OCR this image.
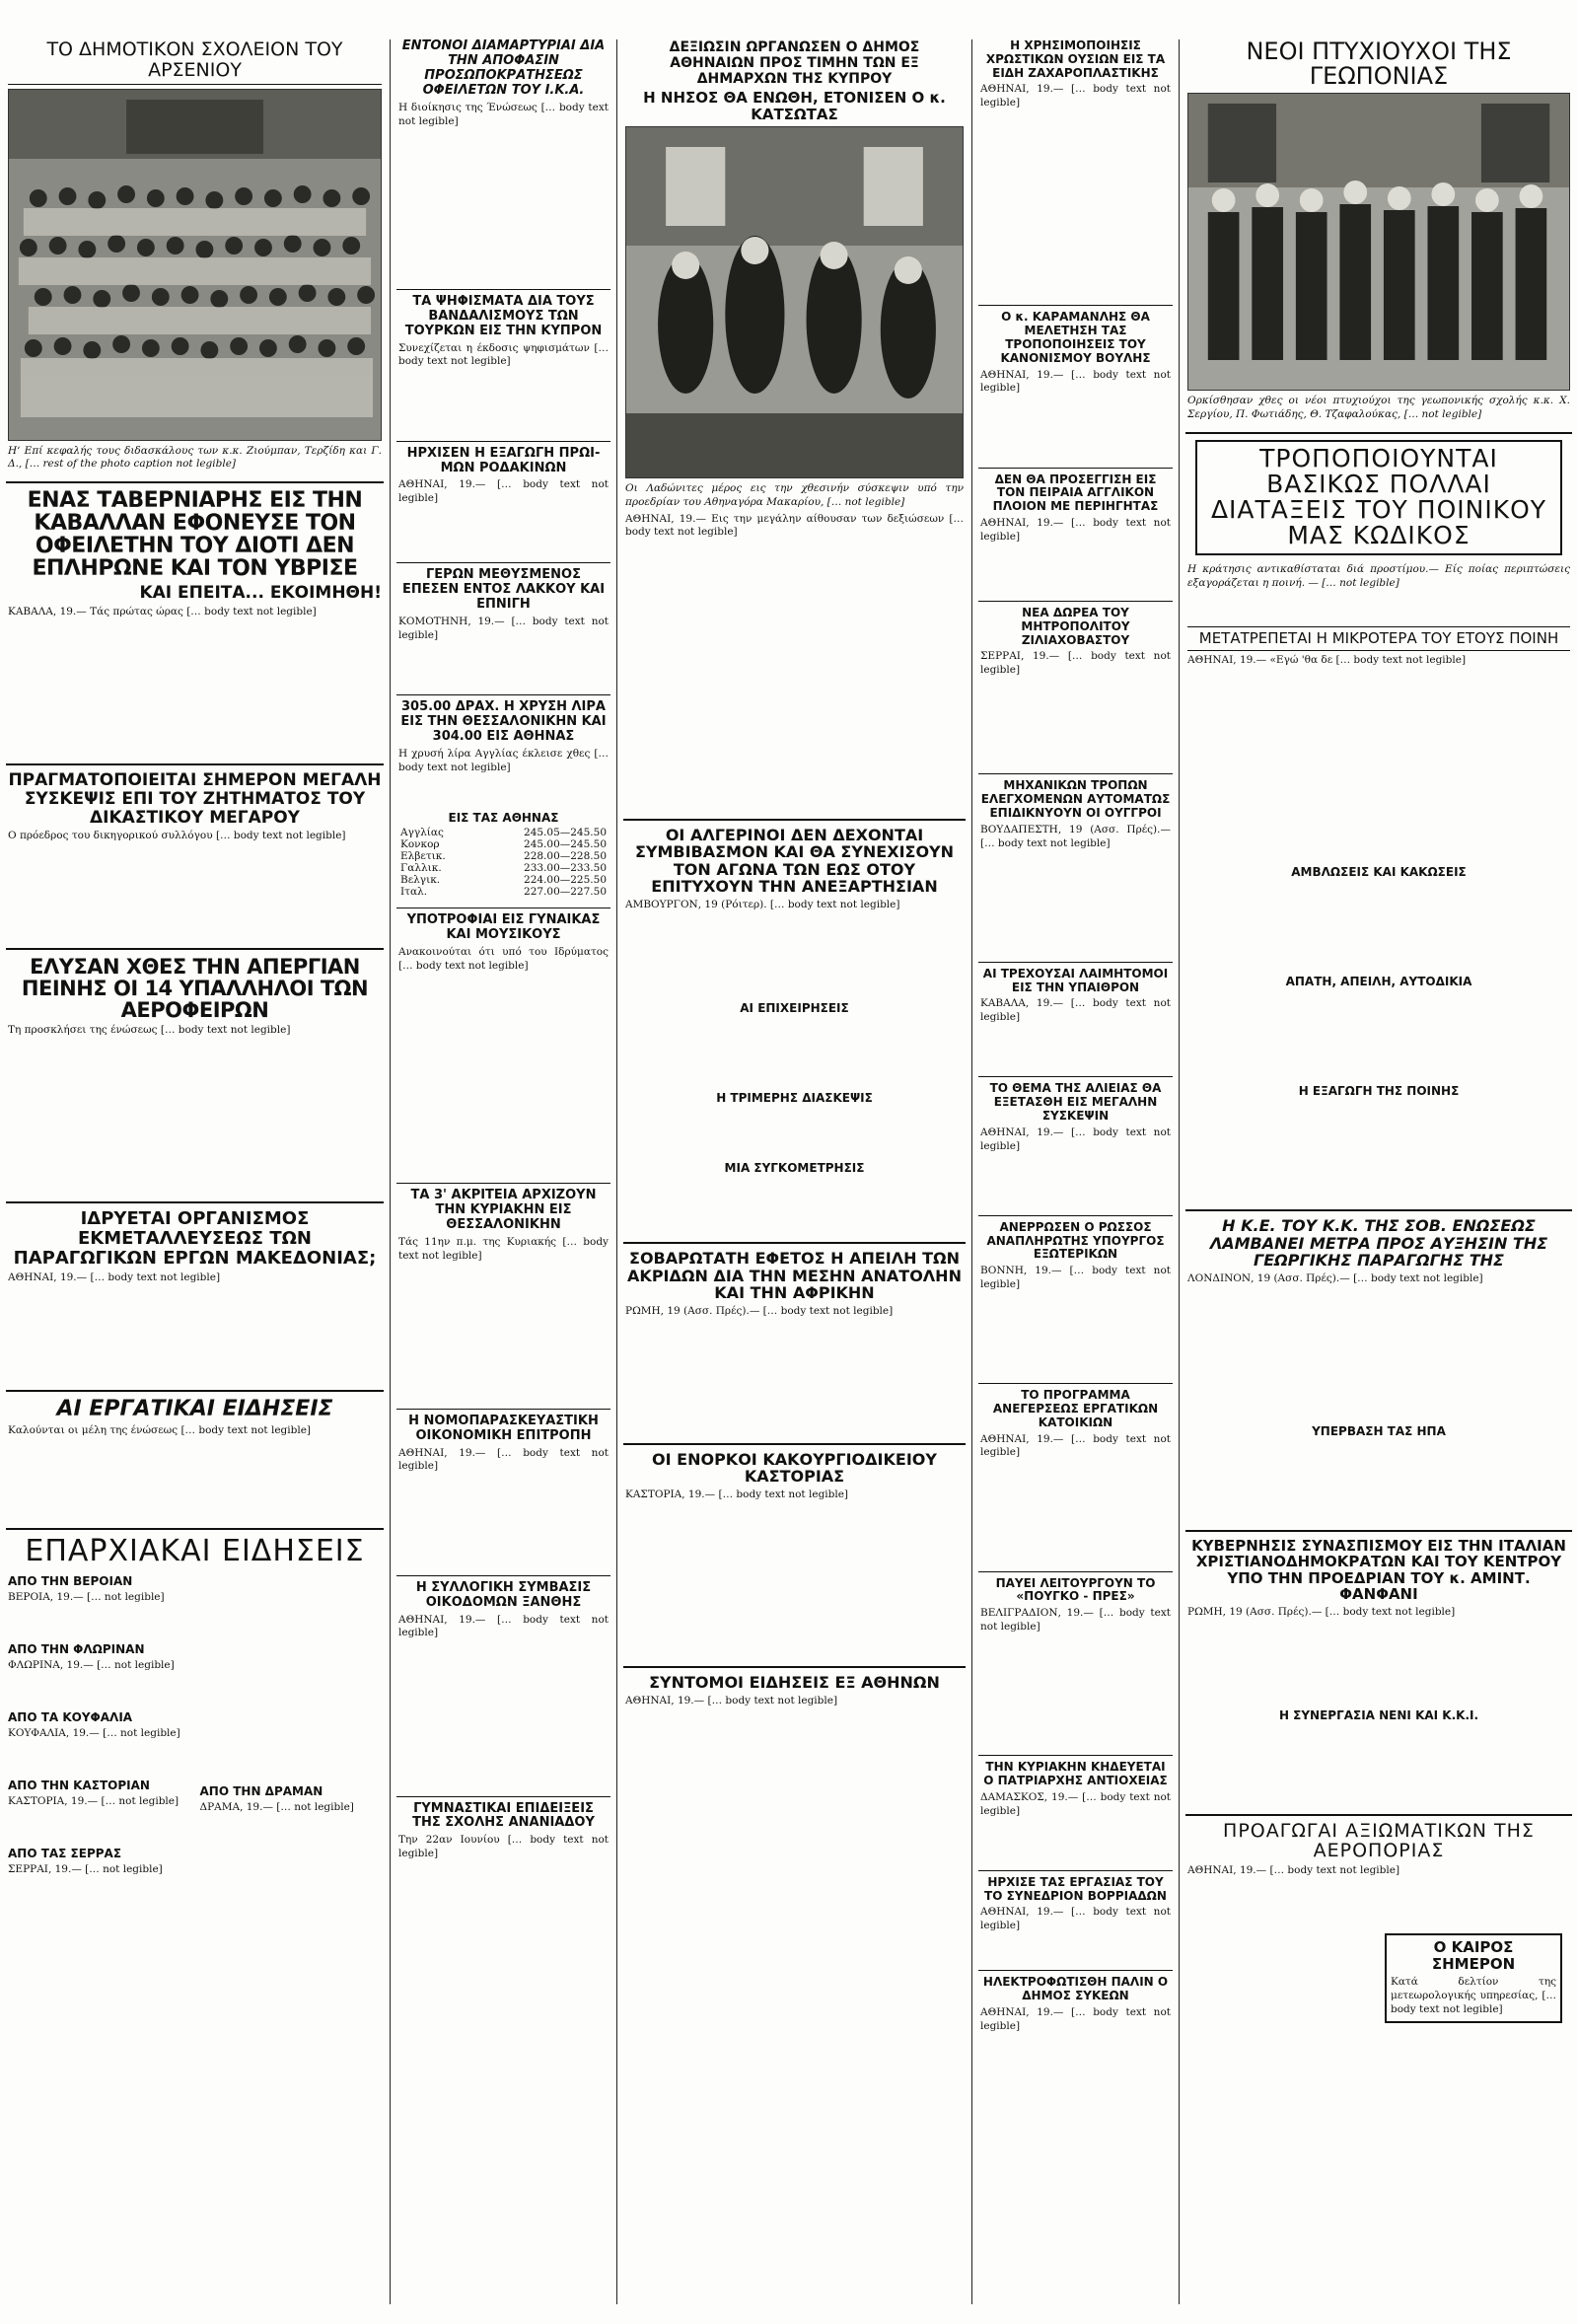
ΤΟ ΔΗΜΟΤΙΚΟΝ ΣΧΟΛΕΙΟΝ ΤΟΥ ΑΡΣΕΝΙΟΥ
Η‘ Επί κεφαλής τους διδασκάλους των κ.κ. Ζιούμπαν, Τερζίδη και Γ. Δ., [… rest of the photo caption not legible]
ΕΝΑΣ ΤΑΒΕΡΝΙΑΡΗΣ ΕΙΣ ΤΗΝ ΚΑΒΑΛΛΑΝ ΕΦΟΝΕΥΣΕ ΤΟΝ ΟΦΕΙΛΕΤΗΝ ΤΟΥ ΔΙΟΤΙ ΔΕΝ ΕΠΛΗΡΩΝΕ ΚΑΙ ΤΟΝ ΥΒΡΙΣΕ
ΚΑΙ ΕΠΕΙΤΑ... ΕΚΟΙΜΗΘΗ!
ΚΑΒΑΛΑ, 19.— Τάς πρώτας ώρας [… body text not legible]
ΠΡΑΓΜΑΤΟΠΟΙΕΙΤΑΙ ΣΗΜΕΡΟΝ ΜΕΓΑΛΗ ΣΥΣΚΕΨΙΣ ΕΠΙ ΤΟΥ ΖΗΤΗΜΑΤΟΣ ΤΟΥ ΔΙΚΑΣΤΙΚΟΥ ΜΕΓΑΡΟΥ
Ο πρόεδρος του δικηγορικού συλλόγου [… body text not legible]
ΕΛΥΣΑΝ ΧΘΕΣ ΤΗΝ ΑΠΕΡΓΙΑΝ ΠΕΙΝΗΣ ΟΙ 14 ΥΠΑΛΛΗΛΟΙ ΤΩΝ ΑΕΡΟΦΕΙΡΩΝ
Τη προσκλήσει της ένώσεως [… body text not legible]
ΙΔΡΥΕΤΑΙ ΟΡΓΑΝΙΣΜΟΣ ΕΚΜΕΤΑΛΛΕΥΣΕΩΣ ΤΩΝ ΠΑΡΑΓΩΓΙΚΩΝ ΕΡΓΩΝ ΜΑΚΕΔΟΝΙΑΣ;
ΑΘΗΝΑΙ, 19.— [… body text not legible]
ΑΙ ΕΡΓΑΤΙΚΑΙ ΕΙΔΗΣΕΙΣ
Καλούνται οι μέλη της ένώσεως [… body text not legible]
ΕΠΑΡΧΙΑΚΑΙ ΕΙΔΗΣΕΙΣ
ΑΠΟ ΤΗΝ ΒΕΡΟΙΑΝ
ΒΕΡΟΙΑ, 19.— [… not legible]
ΑΠΟ ΤΗΝ ΦΛΩΡΙΝΑΝ
ΦΛΩΡΙΝΑ, 19.— [… not legible]
ΑΠΟ ΤΑ ΚΟΥΦΑΛΙΑ
ΚΟΥΦΑΛΙΑ, 19.— [… not legible]
ΑΠΟ ΤΗΝ ΚΑΣΤΟΡΙΑΝ
ΚΑΣΤΟΡΙΑ, 19.— [… not legible]
ΑΠΟ ΤΑΣ ΣΕΡΡΑΣ
ΣΕΡΡΑΙ, 19.— [… not legible]
ΑΠΟ ΤΗΝ ΔΡΑΜΑΝ
ΔΡΑΜΑ, 19.— [… not legible]
ΕΝΤΟΝΟΙ ΔΙΑΜΑΡΤΥΡΙΑΙ ΔΙΑ ΤΗΝ ΑΠΟΦΑΣΙΝ ΠΡΟΣΩΠΟΚΡΑΤΗΣΕΩΣ ΟΦΕΙΛΕΤΩΝ ΤΟΥ Ι.Κ.Α.
Η διοίκησις της Ένώσεως [… body text not legible]
ΤΑ ΨΗΦΙΣΜΑΤΑ ΔΙΑ ΤΟΥΣ ΒΑΝΔΑΛΙΣΜΟΥΣ ΤΩΝ ΤΟΥΡΚΩΝ ΕΙΣ ΤΗΝ ΚΥΠΡΟΝ
Συνεχίζεται η έκδοσις ψηφισμάτων [… body text not legible]
ΗΡΧΙΣΕΝ Η ΕΞΑΓΩΓΗ ΠΡΩΙ-ΜΩΝ ΡΟΔΑΚΙΝΩΝ
ΑΘΗΝΑΙ, 19.— [… body text not legible]
ΓΕΡΩΝ ΜΕΘΥΣΜΕΝΟΣ ΕΠΕΣΕΝ ΕΝΤΟΣ ΛΑΚΚΟΥ ΚΑΙ ΕΠΝΙΓΗ
ΚΟΜΟΤΗΝΗ, 19.— [… body text not legible]
305.00 ΔΡΑΧ. Η ΧΡΥΣΗ ΛΙΡΑ ΕΙΣ ΤΗΝ ΘΕΣΣΑΛΟΝΙΚΗΝ ΚΑΙ 304.00 ΕΙΣ ΑΘΗΝΑΣ
Η χρυσή λίρα Αγγλίας έκλεισε χθες [… body text not legible]
ΕΙΣ ΤΑΣ ΑΘΗΝΑΣ
Αγγλίας	245.05—245.50
Κονκορ	245.00—245.50
Ελβετικ.	228.00—228.50
Γαλλικ.	233.00—233.50
Βελγικ.	224.00—225.50
Ιταλ.	227.00—227.50
ΥΠΟΤΡΟΦΙΑΙ ΕΙΣ ΓΥΝΑΙΚΑΣ ΚΑΙ ΜΟΥΣΙΚΟΥΣ
Ανακοινούται ότι υπό του Ιδρύματος [… body text not legible]
ΤΑ 3' ΑΚΡΙΤΕΙΑ ΑΡΧΙΖΟΥΝ ΤΗΝ ΚΥΡΙΑΚΗΝ ΕΙΣ ΘΕΣΣΑΛΟΝΙΚΗΝ
Τάς 11ην π.μ. της Κυριακής [… body text not legible]
Η ΝΟΜΟΠΑΡΑΣΚΕΥΑΣΤΙΚΗ ΟΙΚΟΝΟΜΙΚΗ ΕΠΙΤΡΟΠΗ
ΑΘΗΝΑΙ, 19.— [… body text not legible]
Η ΣΥΛΛΟΓΙΚΗ ΣΥΜΒΑΣΙΣ ΟΙΚΟΔΟΜΩΝ ΞΑΝΘΗΣ
ΑΘΗΝΑΙ, 19.— [… body text not legible]
ΓΥΜΝΑΣΤΙΚΑΙ ΕΠΙΔΕΙΞΕΙΣ ΤΗΣ ΣΧΟΛΗΣ ΑΝΑΝΙΑΔΟΥ
Την 22αν Ιουνίου [… body text not legible]
ΔΕΞΙΩΣΙΝ ΩΡΓΑΝΩΣΕΝ Ο ΔΗΜΟΣ ΑΘΗΝΑΙΩΝ ΠΡΟΣ ΤΙΜΗΝ ΤΩΝ ΕΞ ΔΗΜΑΡΧΩΝ ΤΗΣ ΚΥΠΡΟΥ
Η ΝΗΣΟΣ ΘΑ ΕΝΩΘΗ, ΕΤΟΝΙΣΕΝ Ο κ. ΚΑΤΣΩΤΑΣ
Οι Λαδώνιτες μέρος εις την χθεσινήν σύσκεψιν υπό την προεδρίαν του Αθηναγόρα Μακαρίου, [… not legible]
ΑΘΗΝΑΙ, 19.— Εις την μεγάλην αίθουσαν των δεξιώσεων [… body text not legible]
ΟΙ ΑΛΓΕΡΙΝΟΙ ΔΕΝ ΔΕΧΟΝΤΑΙ ΣΥΜΒΙΒΑΣΜΟΝ ΚΑΙ ΘΑ ΣΥΝΕΧΙΣΟΥΝ ΤΟΝ ΑΓΩΝΑ ΤΩΝ ΕΩΣ ΟΤΟΥ ΕΠΙΤΥΧΟΥΝ ΤΗΝ ΑΝΕΞΑΡΤΗΣΙΑΝ
ΑΜΒΟΥΡΓΟΝ, 19 (Ρόιτερ). [… body text not legible]
ΑΙ ΕΠΙΧΕΙΡΗΣΕΙΣ
Η ΤΡΙΜΕΡΗΣ ΔΙΑΣΚΕΨΙΣ
ΜΙΑ ΣΥΓΚΟΜΕΤΡΗΣΙΣ
ΣΟΒΑΡΩΤΑΤΗ ΕΦΕΤΟΣ Η ΑΠΕΙΛΗ ΤΩΝ ΑΚΡΙΔΩΝ ΔΙΑ ΤΗΝ ΜΕΣΗΝ ΑΝΑΤΟΛΗΝ ΚΑΙ ΤΗΝ ΑΦΡΙΚΗΝ
ΡΩΜΗ, 19 (Ασσ. Πρές).— [… body text not legible]
ΟΙ ΕΝΟΡΚΟΙ ΚΑΚΟΥΡΓΙΟΔΙΚΕΙΟΥ ΚΑΣΤΟΡΙΑΣ
ΚΑΣΤΟΡΙΑ, 19.— [… body text not legible]
ΣΥΝΤΟΜΟΙ ΕΙΔΗΣΕΙΣ ΕΞ ΑΘΗΝΩΝ
ΑΘΗΝΑΙ, 19.— [… body text not legible]
Η ΧΡΗΣΙΜΟΠΟΙΗΣΙΣ ΧΡΩΣΤΙΚΩΝ ΟΥΣΙΩΝ ΕΙΣ ΤΑ ΕΙΔΗ ΖΑΧΑΡΟΠΛΑΣΤΙΚΗΣ
ΑΘΗΝΑΙ, 19.— [… body text not legible]
Ο κ. ΚΑΡΑΜΑΝΛΗΣ ΘΑ ΜΕΛΕΤΗΣΗ ΤΑΣ ΤΡΟΠΟΠΟΙΗΣΕΙΣ ΤΟΥ ΚΑΝΟΝΙΣΜΟΥ ΒΟΥΛΗΣ
ΑΘΗΝΑΙ, 19.— [… body text not legible]
ΔΕΝ ΘΑ ΠΡΟΣΕΓΓΙΣΗ ΕΙΣ ΤΟΝ ΠΕΙΡΑΙΑ ΑΓΓΛΙΚΟΝ ΠΛΟΙΟΝ ΜΕ ΠΕΡΙΗΓΗΤΑΣ
ΑΘΗΝΑΙ, 19.— [… body text not legible]
ΝΕΑ ΔΩΡΕΑ ΤΟΥ ΜΗΤΡΟΠΟΛΙΤΟΥ ΖΙΛΙΑΧΟΒΑΣΤΟΥ
ΣΕΡΡΑΙ, 19.— [… body text not legible]
ΜΗΧΑΝΙΚΩΝ ΤΡΟΠΩΝ ΕΛΕΓΧΟΜΕΝΩΝ ΑΥΤΟΜΑΤΩΣ ΕΠΙΔΙΚΝΥΟΥΝ ΟΙ ΟΥΓΓΡΟΙ
ΒΟΥΔΑΠΕΣΤΗ, 19 (Ασσ. Πρές).— [… body text not legible]
ΑΙ ΤΡΕΧΟΥΣΑΙ ΛΑΙΜΗΤΟΜΟΙ ΕΙΣ ΤΗΝ ΥΠΑΙΘΡΟΝ
ΚΑΒΑΛΑ, 19.— [… body text not legible]
ΤΟ ΘΕΜΑ ΤΗΣ ΑΛΙΕΙΑΣ ΘΑ ΕΞΕΤΑΣΘΗ ΕΙΣ ΜΕΓΑΛΗΝ ΣΥΣΚΕΨΙΝ
ΑΘΗΝΑΙ, 19.— [… body text not legible]
ΑΝΕΡΡΩΣΕΝ Ο ΡΩΣΣΟΣ ΑΝΑΠΛΗΡΩΤΗΣ ΥΠΟΥΡΓΟΣ ΕΞΩΤΕΡΙΚΩΝ
ΒΟΝΝΗ, 19.— [… body text not legible]
ΤΟ ΠΡΟΓΡΑΜΜΑ ΑΝΕΓΕΡΣΕΩΣ ΕΡΓΑΤΙΚΩΝ ΚΑΤΟΙΚΙΩΝ
ΑΘΗΝΑΙ, 19.— [… body text not legible]
ΠΑΥΕΙ ΛΕΙΤΟΥΡΓΟΥΝ ΤΟ «ΠΟΥΓΚΟ - ΠΡΕΣ»
ΒΕΛΙΓΡΑΔΙΟΝ, 19.— [… body text not legible]
ΤΗΝ ΚΥΡΙΑΚΗΝ ΚΗΔΕΥΕΤΑΙ Ο ΠΑΤΡΙΑΡΧΗΣ ΑΝΤΙΟΧΕΙΑΣ
ΔΑΜΑΣΚΟΣ, 19.— [… body text not legible]
ΗΡΧΙΣΕ ΤΑΣ ΕΡΓΑΣΙΑΣ ΤΟΥ ΤΟ ΣΥΝΕΔΡΙΟΝ ΒΟΡΡΙΑΔΩΝ
ΑΘΗΝΑΙ, 19.— [… body text not legible]
ΗΛΕΚΤΡΟΦΩΤΙΣΘΗ ΠΑΛΙΝ Ο ΔΗΜΟΣ ΣΥΚΕΩΝ
ΑΘΗΝΑΙ, 19.— [… body text not legible]
ΝΕΟΙ ΠΤΥΧΙΟΥΧΟΙ ΤΗΣ ΓΕΩΠΟΝΙΑΣ
Ορκίσθησαν χθες οι νέοι πτυχιούχοι της γεωπονικής σχολής κ.κ. Χ. Σεργίου, Π. Φωτιάδης, Θ. Τζαφαλούκας, [… not legible]
ΤΡΟΠΟΠΟΙΟΥΝΤΑΙ ΒΑΣΙΚΩΣ ΠΟΛΛΑΙ ΔΙΑΤΑΞΕΙΣ ΤΟΥ ΠΟΙΝΙΚΟΥ ΜΑΣ ΚΩΔΙΚΟΣ
Η κράτησις αντικαθίσταται διά προστίμου.— Είς ποίας περιπτώσεις εξαγοράζεται η ποινή. — [… not legible]
ΜΕΤΑΤΡΕΠΕΤΑΙ Η ΜΙΚΡΟΤΕΡΑ ΤΟΥ ΕΤΟΥΣ ΠΟΙΝΗ
ΑΘΗΝΑΙ, 19.— «Εγώ 'θα δε [… body text not legible]
ΑΜΒΛΩΣΕΙΣ ΚΑΙ ΚΑΚΩΣΕΙΣ
ΑΠΑΤΗ, ΑΠΕΙΛΗ, ΑΥΤΟΔΙΚΙΑ
Η ΕΞΑΓΩΓΗ ΤΗΣ ΠΟΙΝΗΣ
Η Κ.Ε. ΤΟΥ Κ.Κ. ΤΗΣ ΣΟΒ. ΕΝΩΣΕΩΣ ΛΑΜΒΑΝΕΙ ΜΕΤΡΑ ΠΡΟΣ ΑΥΞΗΣΙΝ ΤΗΣ ΓΕΩΡΓΙΚΗΣ ΠΑΡΑΓΩΓΗΣ ΤΗΣ
ΛΟΝΔΙΝΟΝ, 19 (Ασσ. Πρές).— [… body text not legible]
ΥΠΕΡΒΑΣΗ ΤΑΣ ΗΠΑ
ΚΥΒΕΡΝΗΣΙΣ ΣΥΝΑΣΠΙΣΜΟΥ ΕΙΣ ΤΗΝ ΙΤΑΛΙΑΝ ΧΡΙΣΤΙΑΝΟΔΗΜΟΚΡΑΤΩΝ ΚΑΙ ΤΟΥ ΚΕΝΤΡΟΥ ΥΠΟ ΤΗΝ ΠΡΟΕΔΡΙΑΝ ΤΟΥ κ. ΑΜΙΝΤ. ΦΑΝΦΑΝΙ
ΡΩΜΗ, 19 (Ασσ. Πρές).— [… body text not legible]
Η ΣΥΝΕΡΓΑΣΙΑ ΝΕΝΙ ΚΑΙ Κ.Κ.Ι.
ΠΡΟΑΓΩΓΑΙ ΑΞΙΩΜΑΤΙΚΩΝ ΤΗΣ ΑΕΡΟΠΟΡΙΑΣ
ΑΘΗΝΑΙ, 19.— [… body text not legible]
Ο ΚΑΙΡΟΣ ΣΗΜΕΡΟΝ
Κατά δελτίον της μετεωρολογικής υπηρεσίας, [… body text not legible]
